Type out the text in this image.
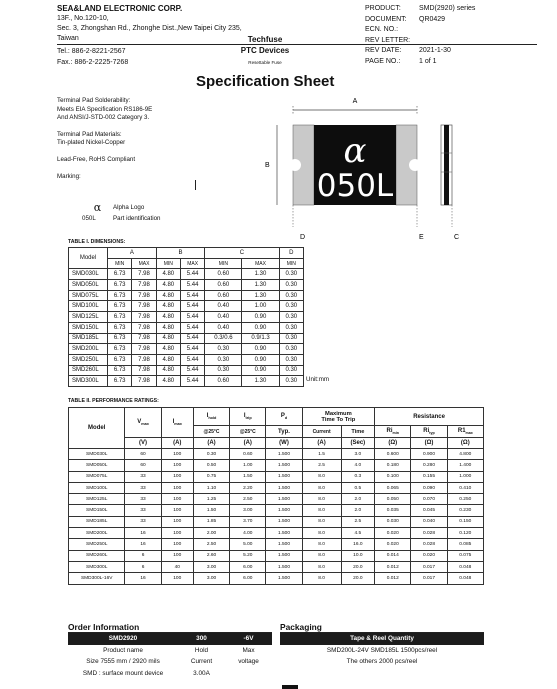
SEA&LAND ELECTRONIC CORP.
13F., No.120-10,
Sec. 3, Zhongshan Rd., Zhonghe Dist.,New Taipei City 235,
Taiwan
Tel.: 886-2-8221-2567
Fax.: 886-2-2225-7268
Techfuse
PTC Devices
Resettable Fuse
PRODUCT:	SMD(2920) series
DOCUMENT:	QR0429
ECN. NO.:
REV LETTER:
REV DATE:	2021-1-30
PAGE NO.:	1 of 1
Specification Sheet
Terminal Pad Solderability:
Meets EIA Specification RS186-9E
And ANSI/J-STD-002 Category 3.
Terminal Pad Materials:
Tin-plated Nickel-Copper
Lead-Free, RoHS Compliant
Marking:
α	Alpha Logo
050L	Part identification
A
B α
050L
D	E	C
TABLE I. DIMENSIONS:
Model	A		B		C		D
	MIN	MAX	MIN	MAX	MIN	MAX	MIN
SMD030L	6.73	7.98	4.80	5.44	0.60	1.30	0.30
SMD050L	6.73	7.98	4.80	5.44	0.60	1.30	0.30
SMD075L	6.73	7.98	4.80	5.44	0.60	1.30	0.30
SMD100L	6.73	7.98	4.80	5.44	0.40	1.00	0.30
SMD125L	6.73	7.98	4.80	5.44	0.40	0.90	0.30
SMD150L	6.73	7.98	4.80	5.44	0.40	0.90	0.30
SMD185L	6.73	7.98	4.80	5.44	0.3/0.6	0.9/1.3	0.30
SMD200L	6.73	7.98	4.80	5.44	0.30	0.90	0.30
SMD250L	6.73	7.98	4.80	5.44	0.30	0.90	0.30
SMD260L	6.73	7.98	4.80	5.44	0.30	0.90	0.30
SMD300L	6.73	7.98	4.80	5.44	0.60	1.30	0.30 Unit:mm
TABLE II. PERFORMANCE RATINGS:
Model	$V_{max}$	$I_{max}$	$I_{hold}$	$I_{trip}$	$P_d$	Maximum
Time To Trip		Resistance		
			@25°C	@25°C	Typ.	Current	Time	$Ri_{min}$	$Ri_{typ}$	$R1_{max}$
	(V)	(A)	(A)	(A)	(W)	(A)	(Sec)	(Ω)	(Ω)	(Ω)
SMD030L	60	100	0.30	0.60	1.500	1.5	3.0	0.600	0.900	4.800
SMD050L	60	100	0.50	1.00	1.500	2.5	4.0	0.180	0.280	1.400
SMD075L	33	100	0.75	1.50	1.500	8.0	0.3	0.100	0.155	1.000
SMD100L	33	100	1.10	2.20	1.500	8.0	0.5	0.065	0.090	0.410
SMD125L	33	100	1.25	2.50	1.500	8.0	2.0	0.050	0.070	0.250
SMD150L	33	100	1.50	3.00	1.500	8.0	2.0	0.035	0.045	0.230
SMD185L	33	100	1.85	3.70	1.500	8.0	2.5	0.030	0.040	0.150
SMD200L	16	100	2.00	4.00	1.500	8.0	4.5	0.020	0.028	0.120
SMD250L	16	100	2.50	5.00	1.500	8.0	16.0	0.020	0.028	0.085
SMD260L	6	100	2.60	5.20	1.500	8.0	10.0	0.014	0.020	0.075
SMD300L	6	40	3.00	6.00	1.500	8.0	20.0	0.012	0.017	0.048
SMD300L-16V	16	100	3.00	6.00	1.500	8.0	20.0	0.012	0.017	0.048
Order Information
SMD2920	300	-6V
Product name	Hold	Max
Size 7555 mm / 2920 mils	Current	voltage
SMD : surface mount device	3.00A	
Packaging
Tape & Reel Quantity
SMD200L-24V SMD185L 1500pcs/reel
The others 2000 pcs/reel
